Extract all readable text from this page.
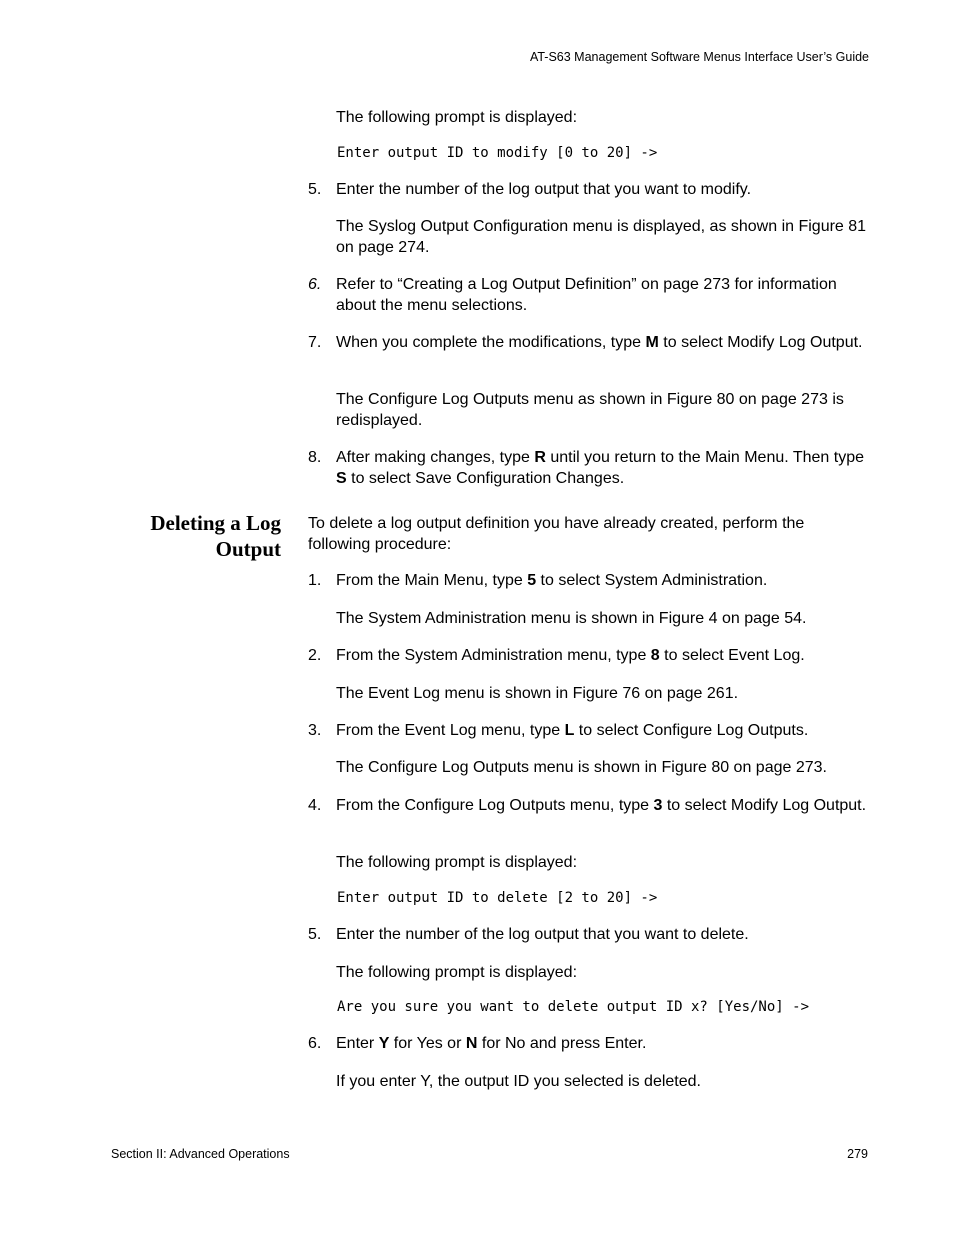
AT-S63 Management Software Menus Interface User’s Guide

The following prompt is displayed:

Enter output ID to modify [0 to 20] ->
5. Enter the number of the log output that you want to modify.

The Syslog Output Configuration menu is displayed, as shown in Figure 81 on page 274.

6. Refer to “Creating a Log Output Definition” on page 273 for information about the menu selections.

7. When you complete the modifications, type M to select Modify Log Output.

The Configure Log Outputs menu as shown in Figure 80 on page 273 is redisplayed.

8. After making changes, type R until you return to the Main Menu. Then type S to select Save Configuration Changes.

Deleting a Log
Output

To delete a log output definition you have already created, perform the following procedure:

1. From the Main Menu, type 5 to select System Administration.

The System Administration menu is shown in Figure 4 on page 54.

2. From the System Administration menu, type 8 to select Event Log.

The Event Log menu is shown in Figure 76 on page 261.

3. From the Event Log menu, type L to select Configure Log Outputs.

The Configure Log Outputs menu is shown in Figure 80 on page 273.

4. From the Configure Log Outputs menu, type 3 to select Modify Log Output.

The following prompt is displayed:

Enter output ID to delete [2 to 20] ->
5. Enter the number of the log output that you want to delete.

The following prompt is displayed:

Are you sure you want to delete output ID x? [Yes/No] ->
6. Enter Y for Yes or N for No and press Enter.

If you enter Y, the output ID you selected is deleted.

Section II: Advanced Operations	279
